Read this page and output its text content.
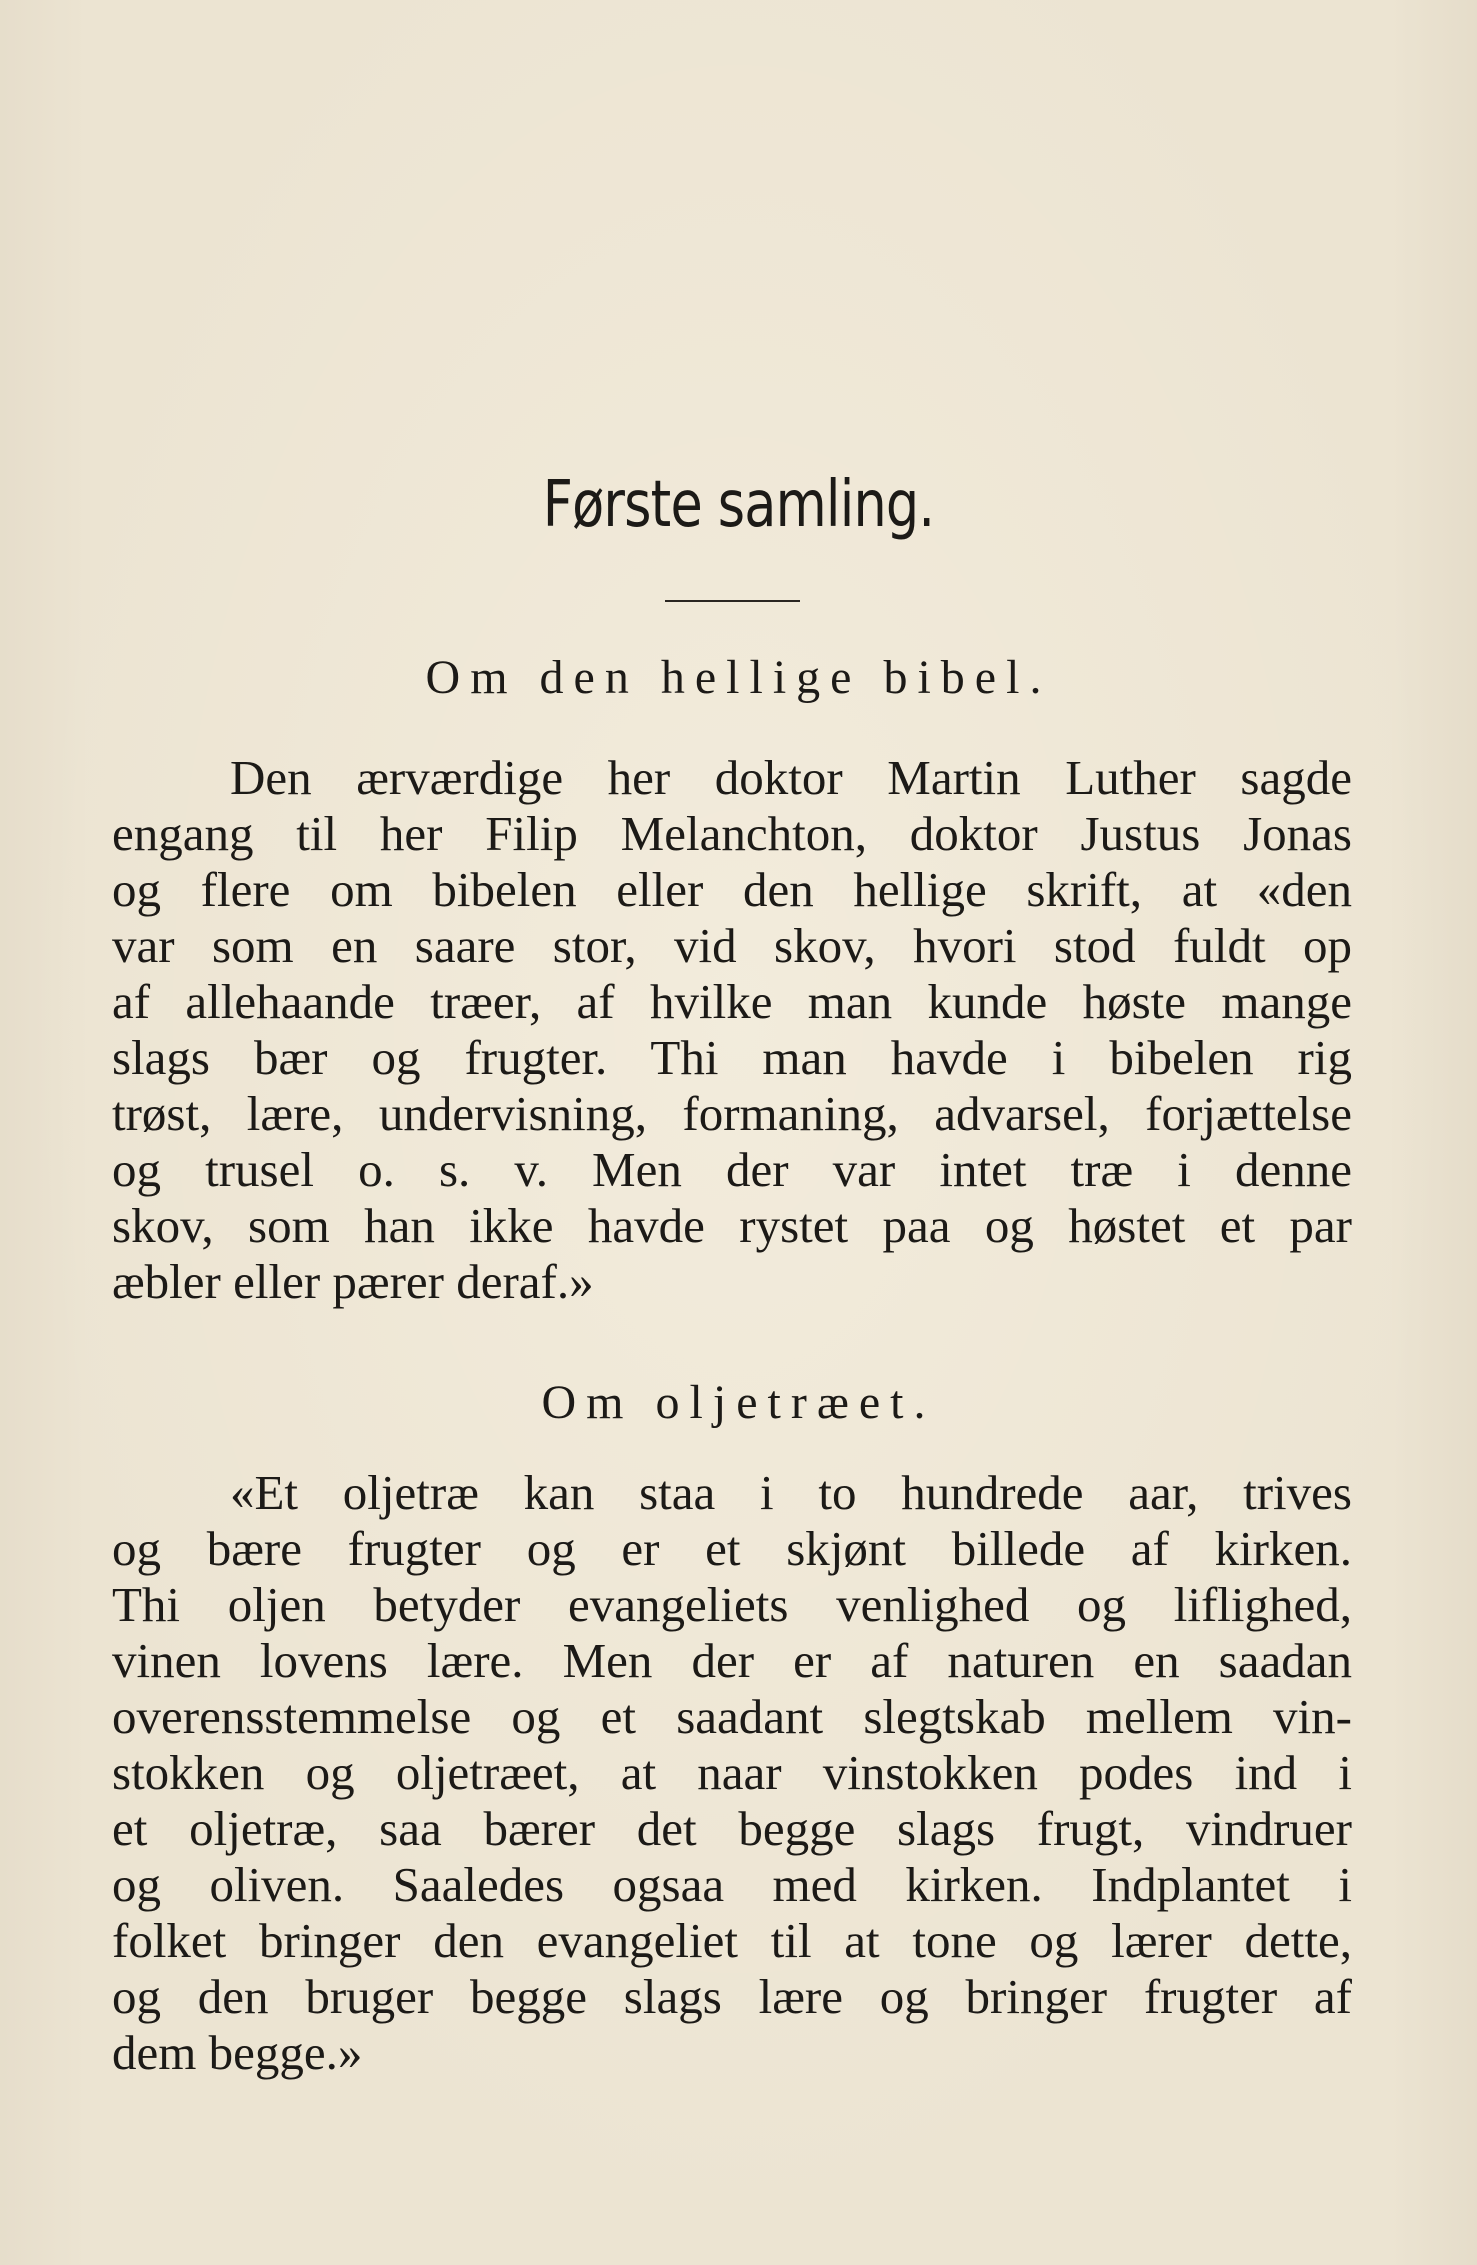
Første samling.
Om den hellige bibel.

Den ærværdige her doktor Martin Luther sagde
engang til her Filip Melanchton, doktor Justus Jonas
og flere om bibelen eller den hellige skrift, at «den
var som en saare stor, vid skov, hvori stod fuldt op
af allehaande træer, af hvilke man kunde høste mange
slags bær og frugter. Thi man havde i bibelen rig
trøst, lære, undervisning, formaning, advarsel, forjættelse
og trusel o. s. v. Men der var intet træ i denne
skov, som han ikke havde rystet paa og høstet et par
æbler eller pærer deraf.»

Om oljetræet.

«Et oljetræ kan staa i to hundrede aar, trives
og bære frugter og er et skjønt billede af kirken.
Thi oljen betyder evangeliets venlighed og liflighed,
vinen lovens lære. Men der er af naturen en saadan
overensstemmelse og et saadant slegtskab mellem vin-
stokken og oljetræet, at naar vinstokken podes ind i
et oljetræ, saa bærer det begge slags frugt, vindruer
og oliven. Saaledes ogsaa med kirken. Indplantet i
folket bringer den evangeliet til at tone og lærer dette,
og den bruger begge slags lære og bringer frugter af
dem begge.»
